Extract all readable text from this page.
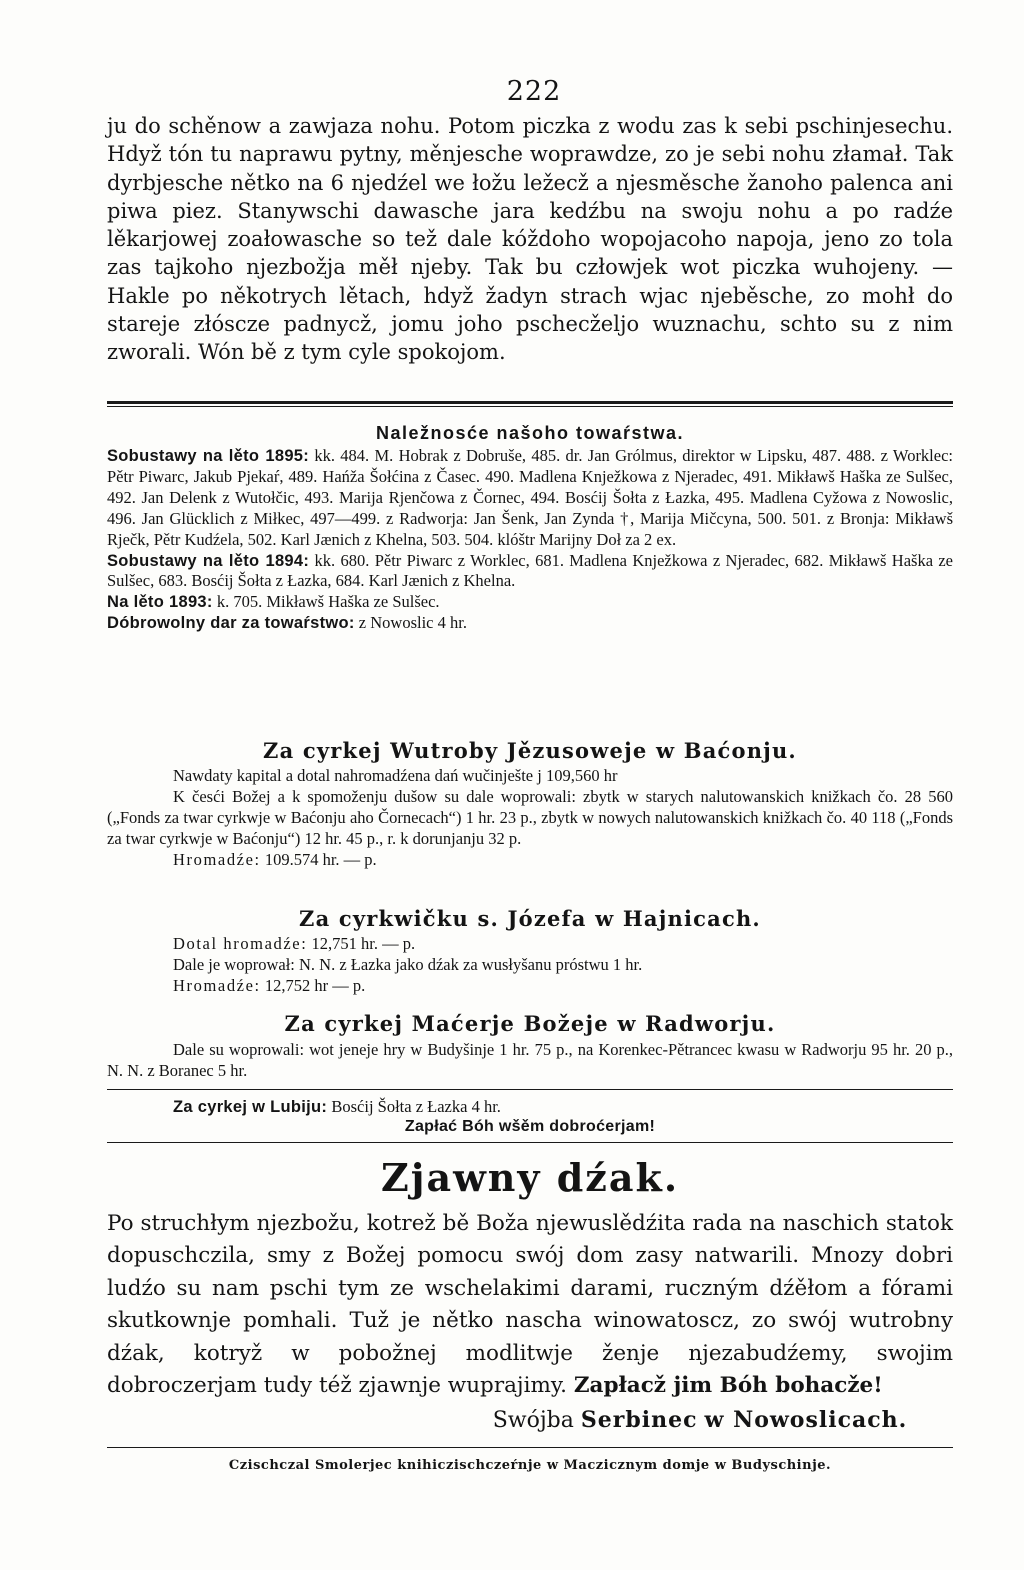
222

ju do schěnow a zawjaza nohu. Potom piczka z wodu zas k sebi pschinjesechu. Hdyž tón tu naprawu pytny, měnjesche woprawdze, zo je sebi nohu złamał. Tak dyrbjesche nětko na 6 njedźel we łožu ležecž a njesměsche žanoho palenca ani piwa piez. Stanywschi dawasche jara kedźbu na swoju nohu a po radźe lěkarjowej zoałowasche so tež dale kóždoho wopojacoho napoja, jeno zo tola zas tajkoho njezbožja měł njeby. Tak bu człowjek wot piczka wuhojeny. — Hakle po někotrych lětach, hdyž žadyn strach wjac njeběsche, zo mohł do stareje złóscze padnycž, jomu joho pschecželjo wuznachu, schto su z nim zworali. Wón bě z tym cyle spokojom.

Naležnosće našoho towaŕstwa.

Sobustawy na lěto 1895: kk. 484. M. Hobrak z Dobruše, 485. dr. Jan Grólmus, direktor w Lipsku, 487. 488. z Worklec: Pětr Piwarc, Jakub Pjekaŕ, 489. Hańža Šołćina z Časec. 490. Madlena Knježkowa z Njeradec, 491. Mikławš Haška ze Sulšec, 492. Jan Delenk z Wutołčic, 493. Marija Rjenčowa z Čornec, 494. Bosćij Šołta z Łazka, 495. Madlena Cyžowa z Nowoslic, 496. Jan Glücklich z Miłkec, 497—499. z Radworja: Jan Šenk, Jan Zynda †, Marija Mičcyna, 500. 501. z Bronja: Mikławš Rječk, Pětr Kudźela, 502. Karl Jænich z Khelna, 503. 504. klóštr Marijny Doł za 2 ex.

Sobustawy na lěto 1894: kk. 680. Pětr Piwarc z Worklec, 681. Madlena Knježkowa z Njeradec, 682. Mikławš Haška ze Sulšec, 683. Bosćij Šołta z Łazka, 684. Karl Jænich z Khelna.

Na lěto 1893: k. 705. Mikławš Haška ze Sulšec.

Dóbrowolny dar za towaŕstwo: z Nowoslic 4 hr.

Za cyrkej Wutroby Jězusoweje w Baćonju.

Nawdaty kapital a dotal nahromadźena dań wučinješte j 109,560 hr

K česći Božej a k spomoženju dušow su dale woprowali: zbytk w starych nalutowanskich knižkach čo. 28 560 („Fonds za twar cyrkwje w Baćonju aho Čornecach“) 1 hr. 23 p., zbytk w nowych nalutowanskich knižkach čo. 40 118 („Fonds za twar cyrkwje w Baćonju“) 12 hr. 45 p., r. k dorunjanju 32 p.

Hromadźe: 109.574 hr. — p.

Za cyrkwičku s. Józefa w Hajnicach.

Dotal hromadźe: 12,751 hr. — p.

Dale je woprował: N. N. z Łazka jako dźak za wusłyšanu próstwu 1 hr.

Hromadźe: 12,752 hr — p.

Za cyrkej Maćerje Božeje w Radworju.

Dale su woprowali: wot jeneje hry w Budyšinje 1 hr. 75 p., na Korenkec-Pětrancec kwasu w Radworju 95 hr. 20 p., N. N. z Boranec 5 hr.

Za cyrkej w Lubiju: Bosćij Šołta z Łazka 4 hr.

Zapłać Bóh wšěm dobroćerjam!
Zjawny dźak.

Po struchłym njezbožu, kotrež bě Boža njewuslědźita rada na naschich statok dopuschczila, smy z Božej pomocu swój dom zasy natwarili. Mnozy dobri ludźo su nam pschi tym ze wschelakimi darami, ruczným dźěłom a fórami skutkownje pomhali. Tuž je nětko nascha winowatoscz, zo swój wutrobny dźak, kotryž w pobožnej modlitwje ženje njezabudźemy, swojim dobroczerjam tudy též zjawnje wuprajimy. Zapłacž jim Bóh bohacže!

Swójba Serbinec w Nowoslicach.
Czischczal Smolerjec knihiczischczeŕnje w Maczicznym domje w Budyschinje.
